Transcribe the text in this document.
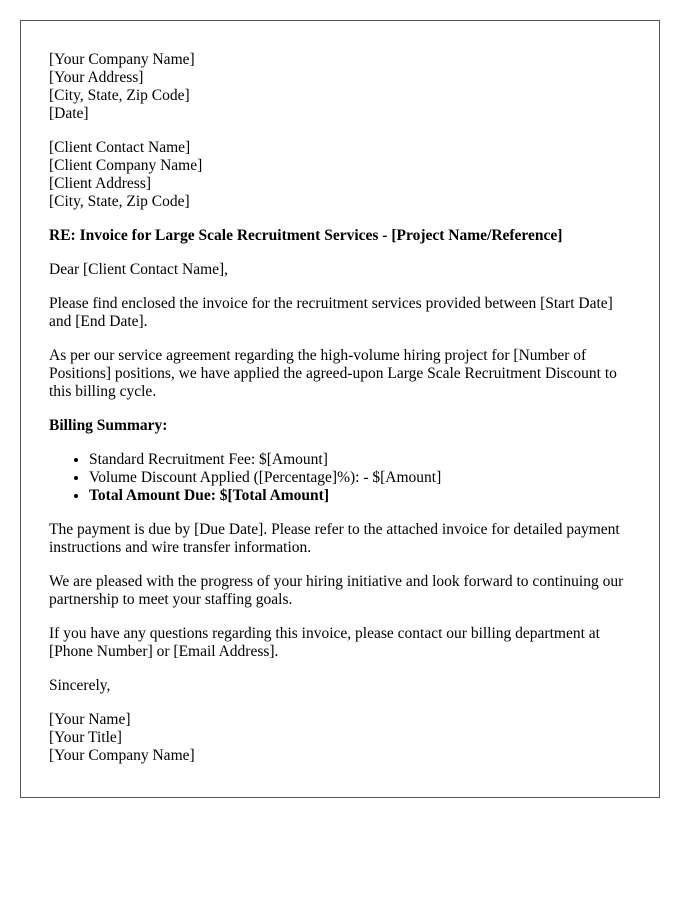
[Your Company Name]
[Your Address]
[City, State, Zip Code]
[Date]
[Client Contact Name]
[Client Company Name]
[Client Address]
[City, State, Zip Code]

RE: Invoice for Large Scale Recruitment Services - [Project Name/Reference]

Dear [Client Contact Name],

Please find enclosed the invoice for the recruitment services provided between [Start Date] and [End Date].

As per our service agreement regarding the high-volume hiring project for [Number of Positions] positions, we have applied the agreed-upon Large Scale Recruitment Discount to this billing cycle.

Billing Summary:

• Standard Recruitment Fee: $[Amount]
• Volume Discount Applied ([Percentage]%): - $[Amount]
• Total Amount Due: $[Total Amount]

The payment is due by [Due Date]. Please refer to the attached invoice for detailed payment instructions and wire transfer information.

We are pleased with the progress of your hiring initiative and look forward to continuing our partnership to meet your staffing goals.

If you have any questions regarding this invoice, please contact our billing department at [Phone Number] or [Email Address].

Sincerely,

[Your Name]
[Your Title]
[Your Company Name]
